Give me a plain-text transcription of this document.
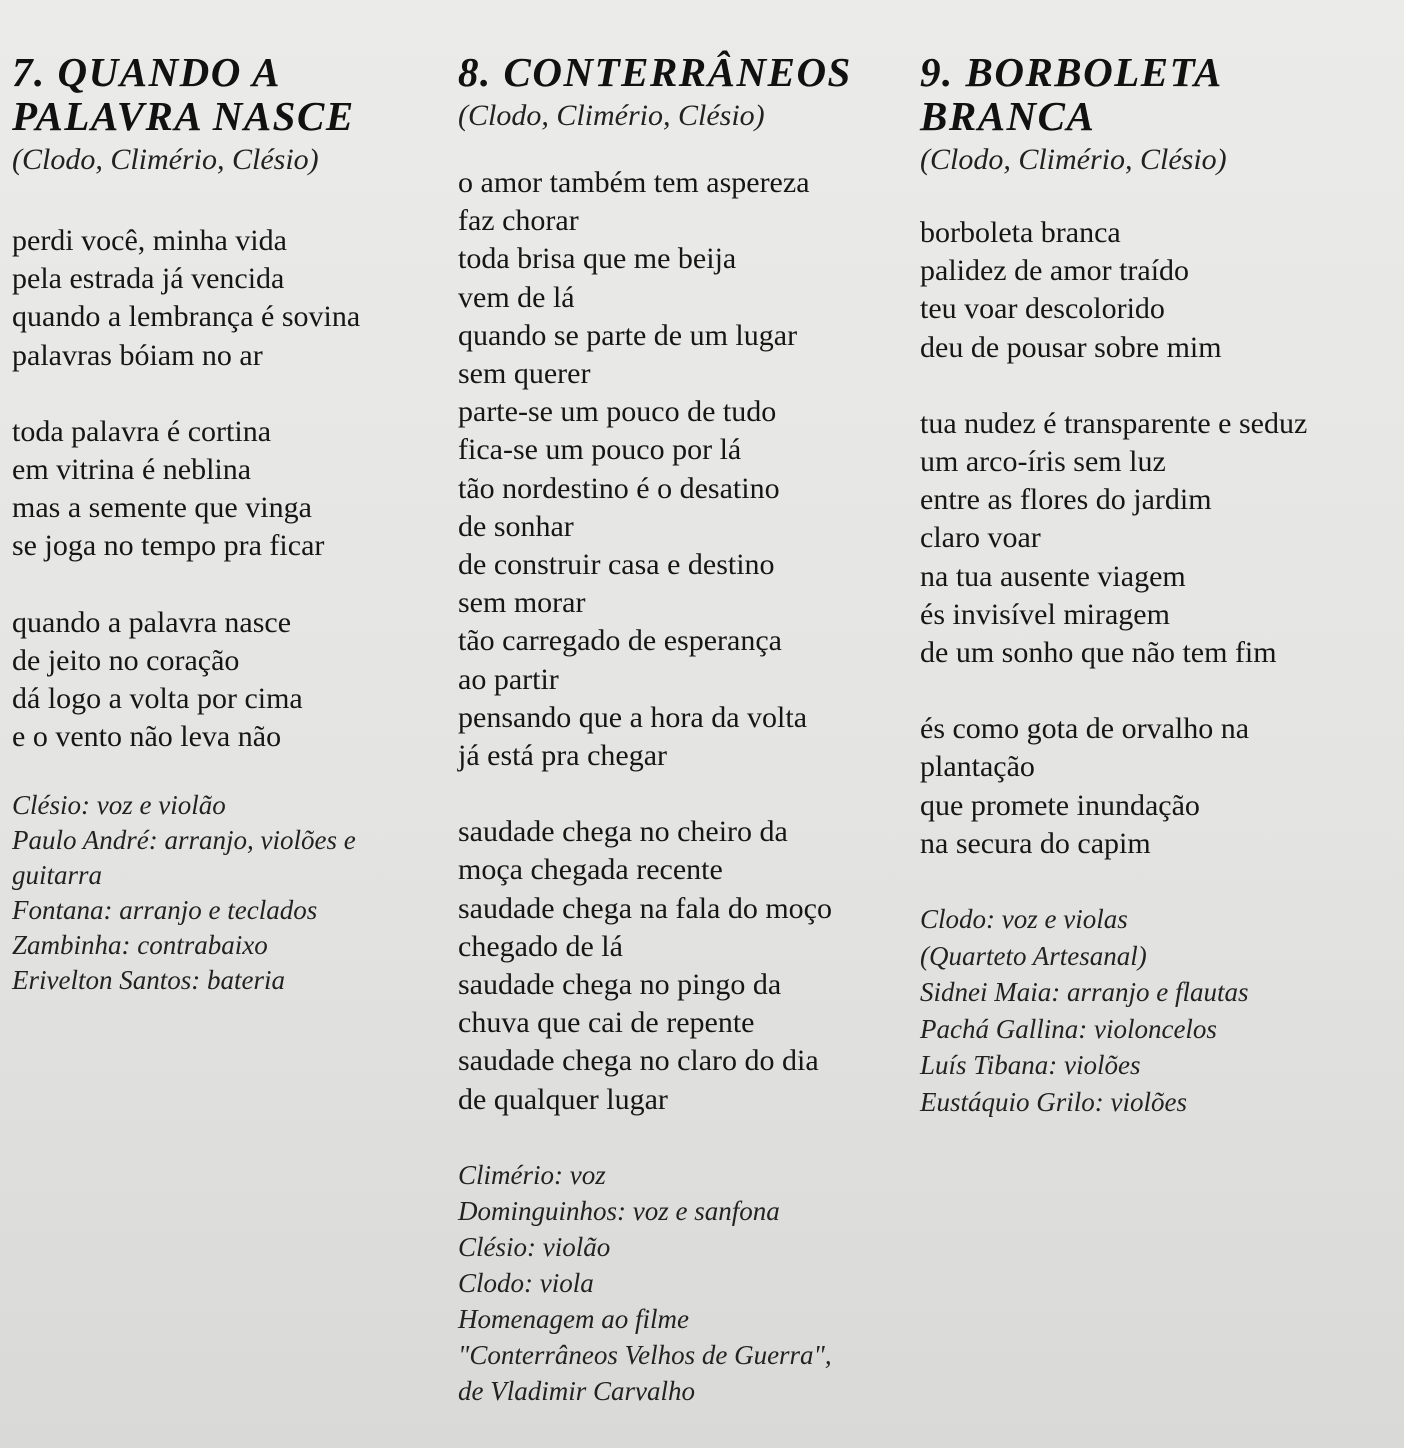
7. QUANDO A
PALAVRA NASCE
(Clodo, Climério, Clésio)
perdi você, minha vida
pela estrada já vencida
quando a lembrança é sovina
palavras bóiam no ar
toda palavra é cortina
em vitrina é neblina
mas a semente que vinga
se joga no tempo pra ficar
quando a palavra nasce
de jeito no coração
dá logo a volta por cima
e o vento não leva não
Clésio: voz e violão
Paulo André: arranjo, violões e guitarra
Fontana: arranjo e teclados
Zambinha: contrabaixo
Erivelton Santos: bateria
8. CONTERRÂNEOS
(Clodo, Climério, Clésio)
o amor também tem aspereza
faz chorar
toda brisa que me beija
vem de lá
quando se parte de um lugar
sem querer
parte-se um pouco de tudo
fica-se um pouco por lá
tão nordestino é o desatino
de sonhar
de construir casa e destino
sem morar
tão carregado de esperança
ao partir
pensando que a hora da volta
já está pra chegar
saudade chega no cheiro da
moça chegada recente
saudade chega na fala do moço
chegado de lá
saudade chega no pingo da
chuva que cai de repente
saudade chega no claro do dia
de qualquer lugar
Climério: voz
Dominguinhos: voz e sanfona
Clésio: violão
Clodo: viola
Homenagem ao filme
"Conterrâneos Velhos de Guerra",
de Vladimir Carvalho
9. BORBOLETA
BRANCA
(Clodo, Climério, Clésio)
borboleta branca
palidez de amor traído
teu voar descolorido
deu de pousar sobre mim
tua nudez é transparente e seduz
um arco-íris sem luz
entre as flores do jardim
claro voar
na tua ausente viagem
és invisível miragem
de um sonho que não tem fim
és como gota de orvalho na
plantação
que promete inundação
na secura do capim
Clodo: voz e violas
(Quarteto Artesanal)
Sidnei Maia: arranjo e flautas
Pachá Gallina: violoncelos
Luís Tibana: violões
Eustáquio Grilo: violões
